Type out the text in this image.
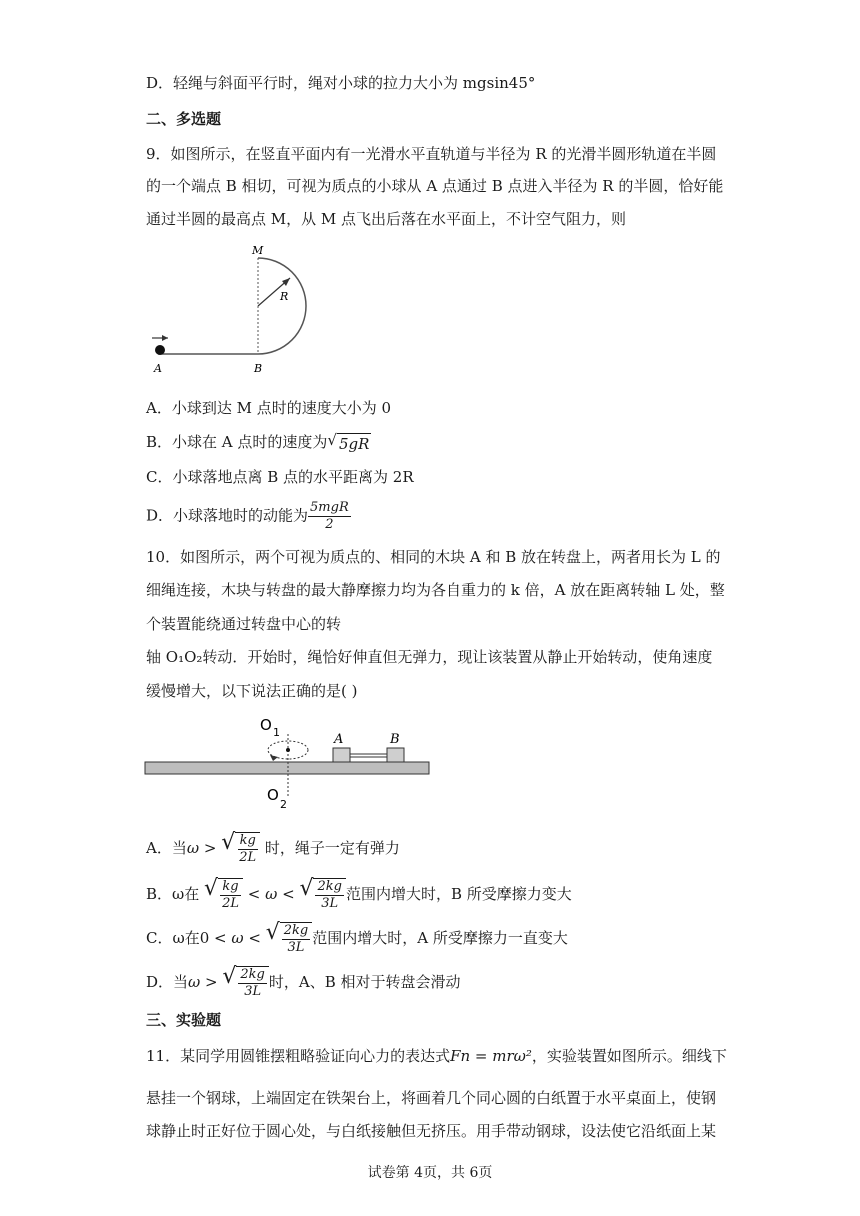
D．轻绳与斜面平行时，绳对小球的拉力大小为 mgsin45°
二、多选题
9．如图所示，在竖直平面内有一光滑水平直轨道与半径为 R 的光滑半圆形轨道在半圆
的一个端点 B 相切，可视为质点的小球从 A 点通过 B 点进入半径为 R 的半圆，恰好能
通过半圆的最高点 M，从 M 点飞出后落在水平面上，不计空气阻力，则
M
R
A	B
A．小球到达 M 点时的速度大小为 0
B．小球在 A 点时的速度为 √ 5gR
C．小球落地点离 B 点的水平距离为 2R
D．小球落地时的动能为 $\frac{\text{5mgR}}{2}$
10．如图所示，两个可视为质点的、相同的木块 A 和 B 放在转盘上，两者用长为 L 的
细绳连接，木块与转盘的最大静摩擦力均为各自重力的 k 倍，A 放在距离转轴 L 处，整
个装置能绕通过转盘中心的转
轴 O₁O₂转动．开始时，绳恰好伸直但无弹力，现让该装置从静止开始转动，使角速度
缓慢增大，以下说法正确的是( )
O 1	A	B
O
2
A．当ω > √ $\frac{kg}{2L}$ 时，绳子一定有弹力
B．ω在 √ $\frac{kg}{2L} < \omega$ < √ $\frac{2kg}{3L}$ 范围内增大时，B 所受摩擦力变大
C．ω在0 < ω < √ $\frac{2kg}{3L}$ 范围内增大时，A 所受摩擦力一直变大
D．当ω > √ $\frac{2kg}{3L}$ 时，A、B 相对于转盘会滑动
三、实验题
11．某同学用圆锥摆粗略验证向心力的表达式Fn = mrω²，实验装置如图所示。细线下
悬挂一个钢球，上端固定在铁架台上，将画着几个同心圆的白纸置于水平桌面上，使钢
球静止时正好位于圆心处，与白纸接触但无挤压。用手带动钢球，设法使它沿纸面上某
试卷第 4页，共 6页
